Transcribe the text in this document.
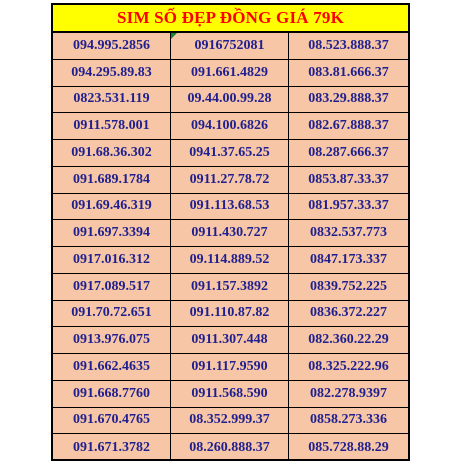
SIM SỐ ĐẸP ĐỒNG GIÁ 79K
094.995.2856	0916752081	08.523.888.37
094.295.89.83	091.661.4829	083.81.666.37
0823.531.119	09.44.00.99.28	083.29.888.37
0911.578.001	094.100.6826	082.67.888.37
091.68.36.302	0941.37.65.25	08.287.666.37
091.689.1784	0911.27.78.72	0853.87.33.37
091.69.46.319	091.113.68.53	081.957.33.37
091.697.3394	0911.430.727	0832.537.773
0917.016.312	09.114.889.52	0847.173.337
0917.089.517	091.157.3892	0839.752.225
091.70.72.651	091.110.87.82	0836.372.227
0913.976.075	0911.307.448	082.360.22.29
091.662.4635	091.117.9590	08.325.222.96
091.668.7760	0911.568.590	082.278.9397
091.670.4765	08.352.999.37	0858.273.336
091.671.3782	08.260.888.37	085.728.88.29
